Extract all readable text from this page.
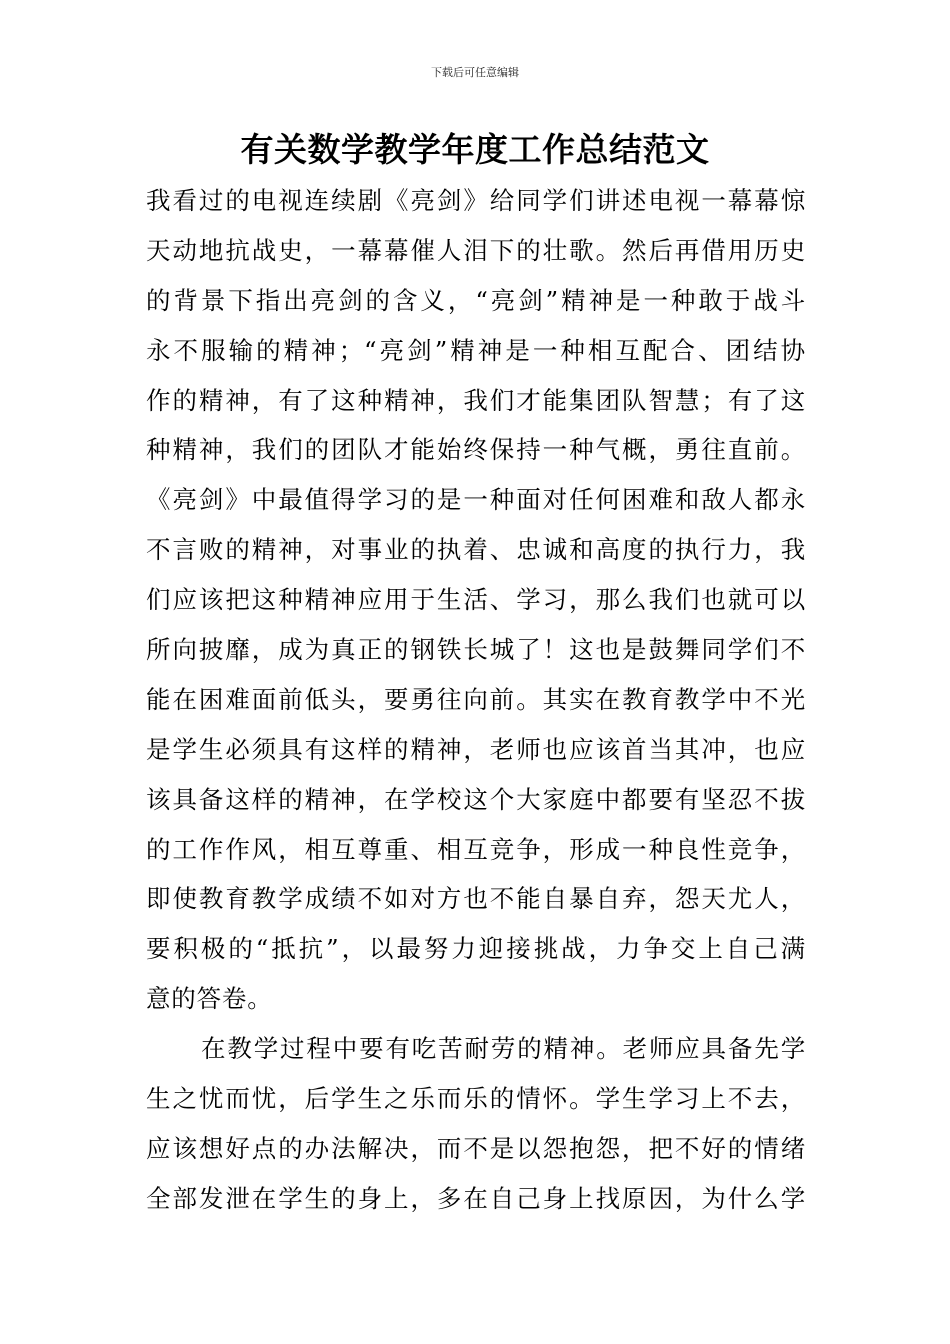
下载后可任意编辑
有关数学教学年度工作总结范文
我看过的电视连续剧《亮剑》给同学们讲述电视一幕幕惊
天动地抗战史，一幕幕催人泪下的壮歌。然后再借用历史
的背景下指出亮剑的含义，“亮剑”精神是一种敢于战斗
永不服输的精神；“亮剑”精神是一种相互配合、团结协
作的精神，有了这种精神，我们才能集团队智慧；有了这
种精神，我们的团队才能始终保持一种气概，勇往直前。
《亮剑》中最值得学习的是一种面对任何困难和敌人都永
不言败的精神，对事业的执着、忠诚和高度的执行力，我
们应该把这种精神应用于生活、学习，那么我们也就可以
所向披靡，成为真正的钢铁长城了！这也是鼓舞同学们不
能在困难面前低头，要勇往向前。其实在教育教学中不光
是学生必须具有这样的精神，老师也应该首当其冲，也应
该具备这样的精神，在学校这个大家庭中都要有坚忍不拔
的工作作风，相互尊重、相互竞争，形成一种良性竞争，
即使教育教学成绩不如对方也不能自暴自弃，怨天尤人，
要积极的“抵抗”，以最努力迎接挑战，力争交上自己满
意的答卷。
在教学过程中要有吃苦耐劳的精神。老师应具备先学
生之忧而忧，后学生之乐而乐的情怀。学生学习上不去，
应该想好点的办法解决，而不是以怨抱怨，把不好的情绪
全部发泄在学生的身上，多在自己身上找原因，为什么学
